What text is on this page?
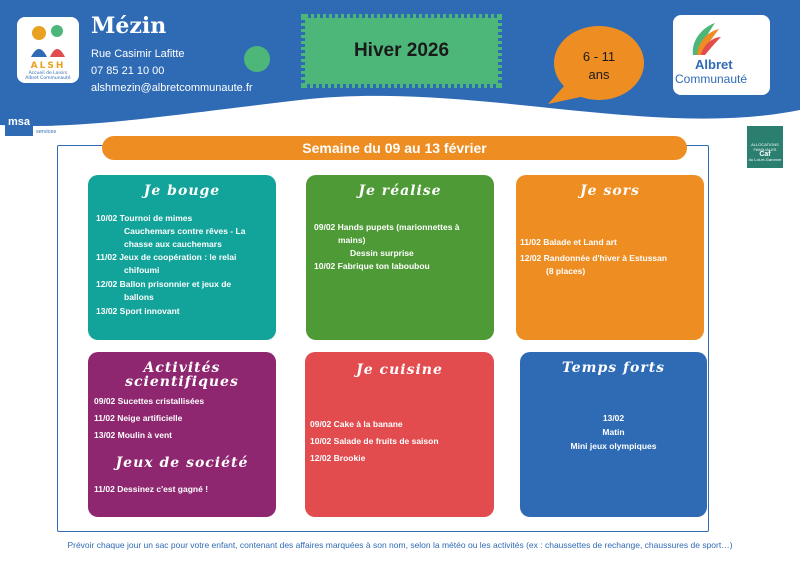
ALSH
Accueil de Loisirs
Albret Communauté
Mézin
Rue Casimir Lafitte
07 85 21 10 00
alshmezin@albretcommunaute.fr
Hiver 2026	6 - 11
ans
Albret
Communauté
msa
santé
famille
retraite
services
ALLOCATIONS FAMILIALES
Caf
du Lot-et-Garonne
Semaine du 09 au 13 février
Je bouge
10/02 Tournoi de mimes
Cauchemars contre rêves - La
chasse aux cauchemars
11/02 Jeux de coopération : le relai
chifoumi
12/02 Ballon prisonnier et jeux de
ballons
13/02 Sport innovant
Je réalise
09/02 Hands pupets (marionnettes à
mains)
Dessin surprise
10/02 Fabrique ton laboubou
Je sors
11/02 Balade et Land art
12/02 Randonnée d'hiver à Estussan
(8 places)
Activités
scientifiques
09/02 Sucettes cristallisées
11/02 Neige artificielle
13/02 Moulin à vent
Jeux de société
11/02 Dessinez c'est gagné !
Je cuisine
09/02 Cake à la banane
10/02 Salade de fruits de saison
12/02 Brookie
Temps forts
13/02
Matin
Mini jeux olympiques
Prévoir chaque jour un sac pour votre enfant, contenant des affaires marquées à son nom, selon la météo ou les activités (ex : chaussettes de rechange, chaussures de sport…)
